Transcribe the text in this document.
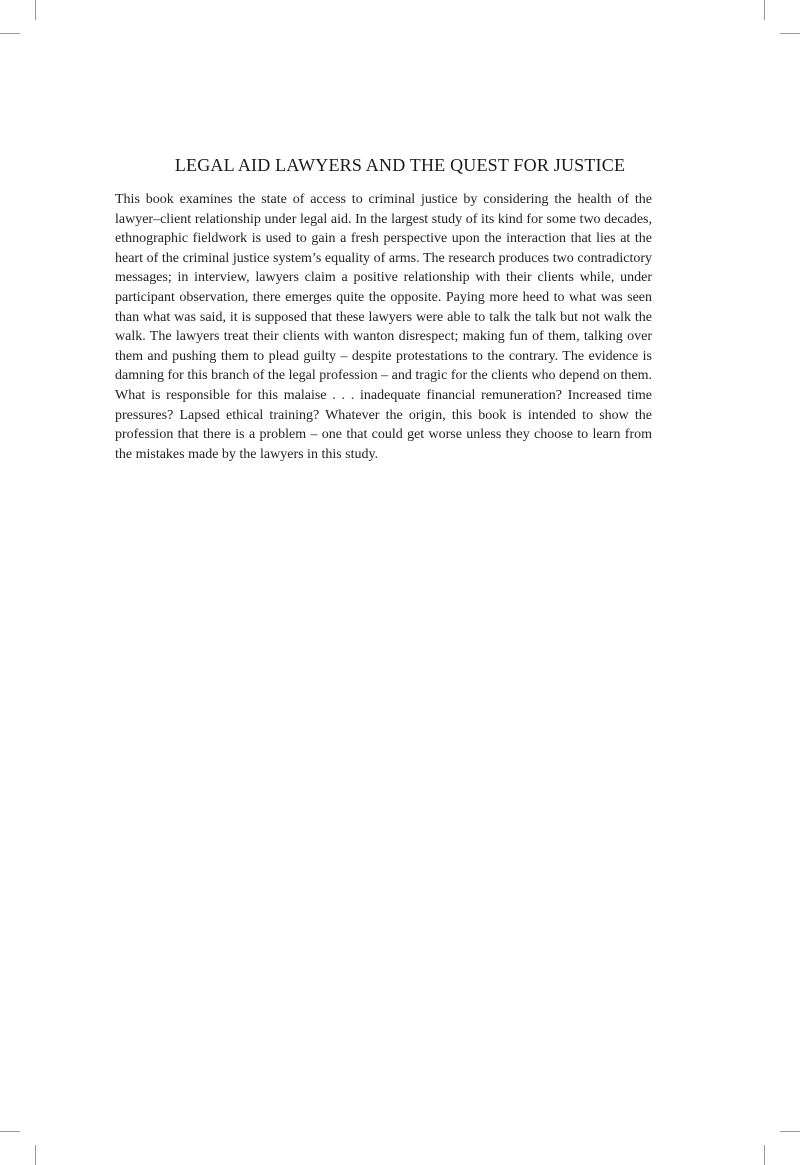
LEGAL AID LAWYERS AND THE QUEST FOR JUSTICE

This book examines the state of access to criminal justice by considering the health of the lawyer–client relationship under legal aid. In the largest study of its kind for some two decades, ethnographic fieldwork is used to gain a fresh perspective upon the interaction that lies at the heart of the criminal justice system’s equality of arms. The research produces two contradictory messages; in interview, lawyers claim a positive relationship with their clients while, under participant observation, there emerges quite the opposite. Paying more heed to what was seen than what was said, it is supposed that these lawyers were able to talk the talk but not walk the walk. The lawyers treat their clients with wanton disrespect; making fun of them, talking over them and pushing them to plead guilty – despite protestations to the contrary. The evidence is damning for this branch of the legal profession – and tragic for the clients who depend on them. What is responsible for this malaise . . . inadequate financial remuneration? Increased time pressures? Lapsed ethical training? Whatever the origin, this book is intended to show the profession that there is a problem – one that could get worse unless they choose to learn from the mistakes made by the lawyers in this study.
